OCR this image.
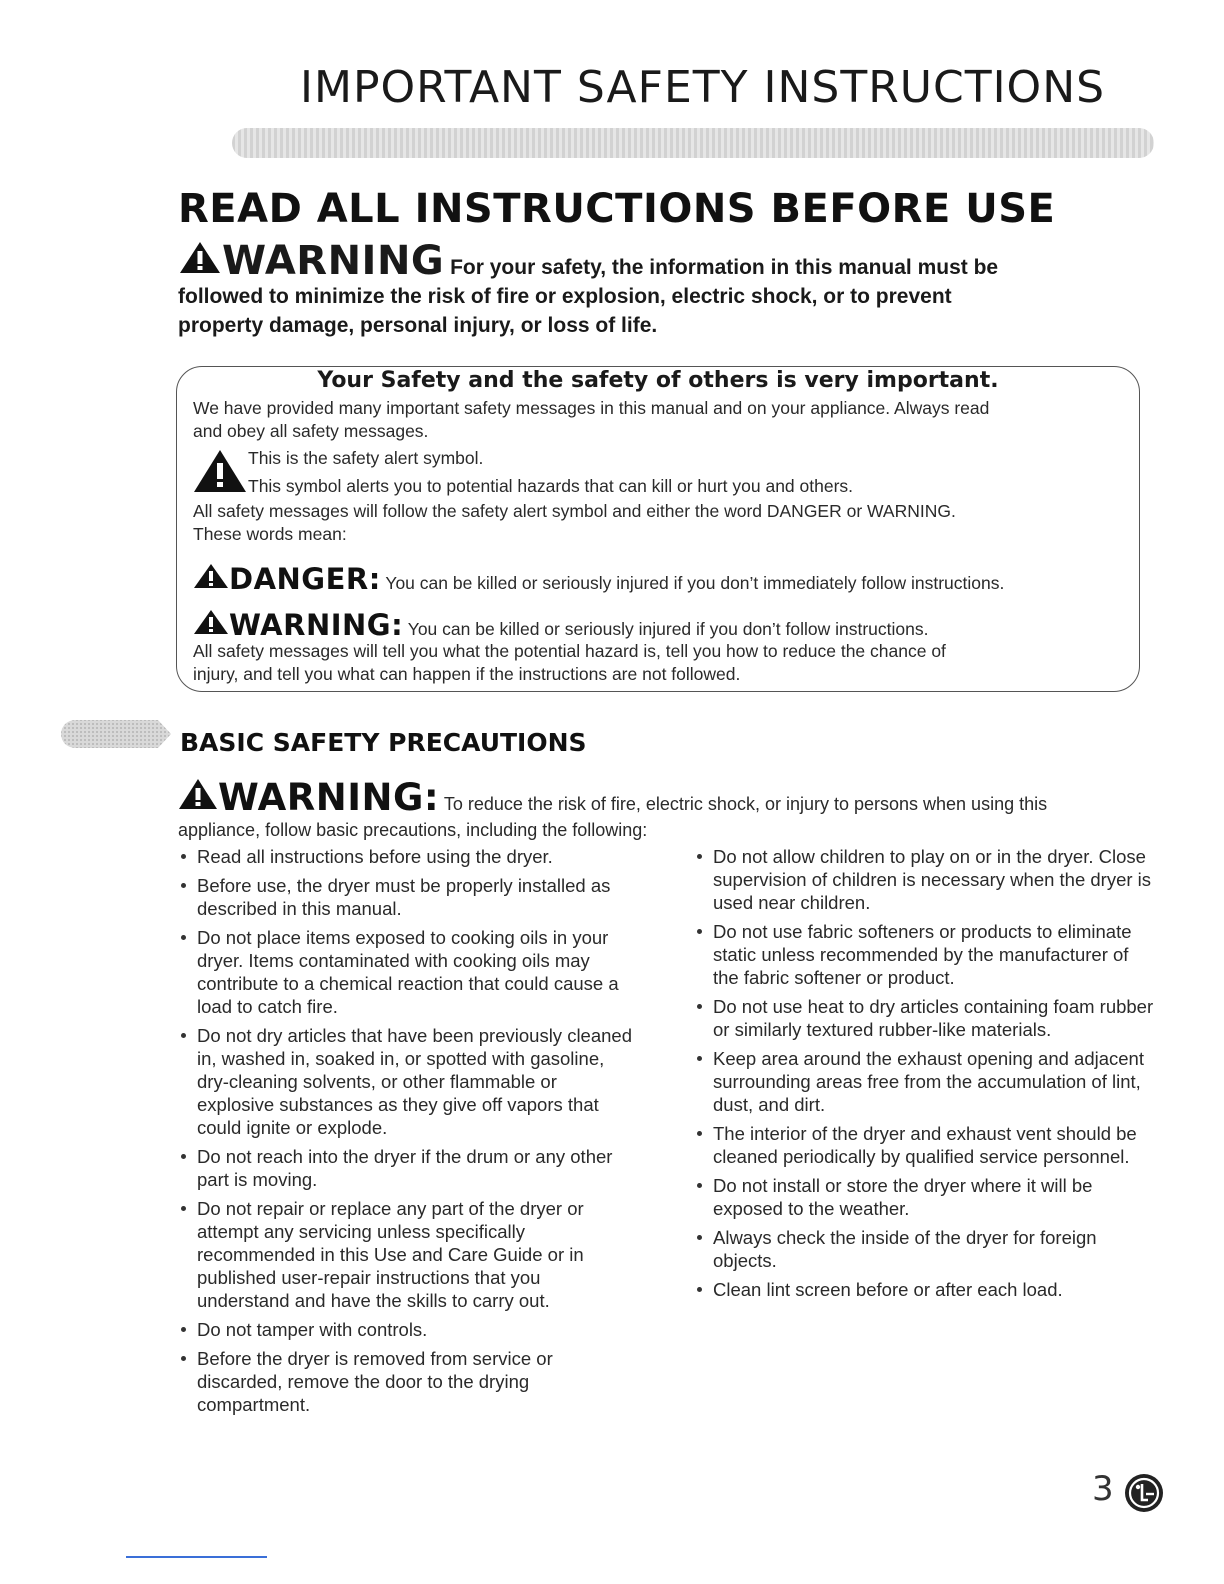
IMPORTANT SAFETY INSTRUCTIONS
READ ALL INSTRUCTIONS BEFORE USE
WARNING For your safety, the information in this manual must be
followed to minimize the risk of fire or explosion, electric shock, or to prevent
property damage, personal injury, or loss of life.
Your Safety and the safety of others is very important.
We have provided many important safety messages in this manual and on your appliance. Always read
and obey all safety messages.
This is the safety alert symbol.
This symbol alerts you to potential hazards that can kill or hurt you and others.
All safety messages will follow the safety alert symbol and either the word DANGER or WARNING.
These words mean:
DANGER: You can be killed or seriously injured if you don’t immediately follow instructions.
WARNING: You can be killed or seriously injured if you don’t follow instructions.
All safety messages will tell you what the potential hazard is, tell you how to reduce the chance of
injury, and tell you what can happen if the instructions are not followed.
BASIC SAFETY PRECAUTIONS
WARNING: To reduce the risk of fire, electric shock, or injury to persons when using this
appliance, follow basic precautions, including the following:
Read all instructions before using the dryer.
Before use, the dryer must be properly installed as described in this manual.
Do not place items exposed to cooking oils in your dryer. Items contaminated with cooking oils may contribute to a chemical reaction that could cause a load to catch fire.
Do not dry articles that have been previously cleaned in, washed in, soaked in, or spotted with gasoline, dry-cleaning solvents, or other flammable or explosive substances as they give off vapors that could ignite or explode.
Do not reach into the dryer if the drum or any other part is moving.
Do not repair or replace any part of the dryer or attempt any servicing unless specifically recommended in this Use and Care Guide or in published user-repair instructions that you understand and have the skills to carry out.
Do not tamper with controls.
Before the dryer is removed from service or discarded, remove the door to the drying compartment.
Do not allow children to play on or in the dryer. Close supervision of children is necessary when the dryer is used near children.
Do not use fabric softeners or products to eliminate static unless recommended by the manufacturer of the fabric softener or product.
Do not use heat to dry articles containing foam rubber or similarly textured rubber-like materials.
Keep area around the exhaust opening and adjacent surrounding areas free from the accumulation of lint, dust, and dirt.
The interior of the dryer and exhaust vent should be cleaned periodically by qualified service personnel.
Do not install or store the dryer where it will be exposed to the weather.
Always check the inside of the dryer for foreign objects.
Clean lint screen before or after each load.
3
